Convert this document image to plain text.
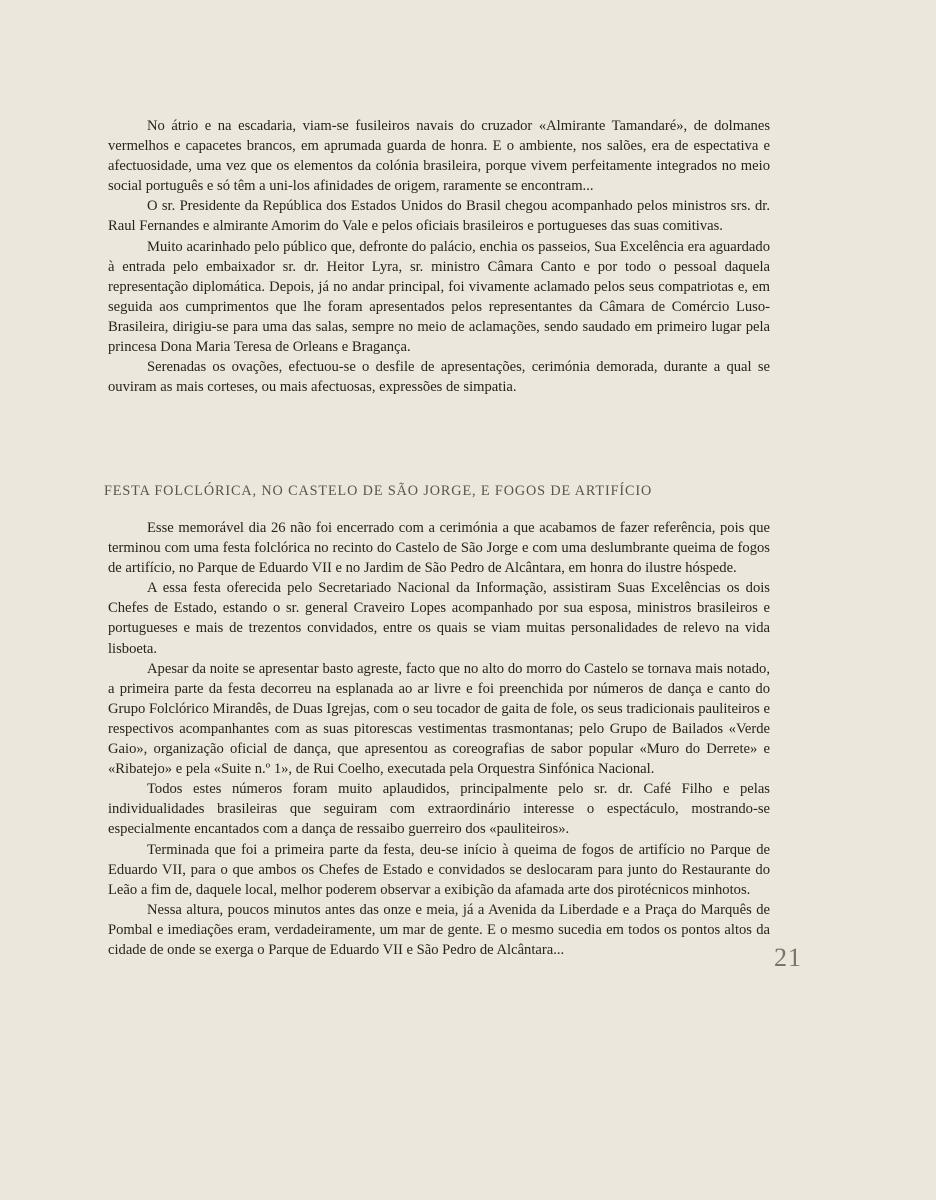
No átrio e na escadaria, viam-se fusileiros navais do cruzador «Almirante Tamandaré», de dolmanes vermelhos e capacetes brancos, em aprumada guarda de honra. E o ambiente, nos salões, era de espectativa e afectuosidade, uma vez que os elementos da colónia brasileira, porque vivem perfeitamente integrados no meio social português e só têm a uni-los afinidades de origem, raramente se encontram...

O sr. Presidente da República dos Estados Unidos do Brasil chegou acompanhado pelos ministros srs. dr. Raul Fernandes e almirante Amorim do Vale e pelos oficiais brasileiros e portugueses das suas comitivas.

Muito acarinhado pelo público que, defronte do palácio, enchia os passeios, Sua Excelência era aguardado à entrada pelo embaixador sr. dr. Heitor Lyra, sr. ministro Câmara Canto e por todo o pessoal daquela representação diplomática. Depois, já no andar principal, foi vivamente aclamado pelos seus compatriotas e, em seguida aos cumprimentos que lhe foram apresentados pelos representantes da Câmara de Comércio Luso-Brasileira, dirigiu-se para uma das salas, sempre no meio de aclamações, sendo saudado em primeiro lugar pela princesa Dona Maria Teresa de Orleans e Bragança.

Serenadas os ovações, efectuou-se o desfile de apresentações, cerimónia demorada, durante a qual se ouviram as mais corteses, ou mais afectuosas, expressões de simpatia.

FESTA FOLCLÓRICA, NO CASTELO DE SÃO JORGE, E FOGOS DE ARTIFÍCIO

Esse memorável dia 26 não foi encerrado com a cerimónia a que acabamos de fazer referência, pois que terminou com uma festa folclórica no recinto do Castelo de São Jorge e com uma deslumbrante queima de fogos de artifício, no Parque de Eduardo VII e no Jardim de São Pedro de Alcântara, em honra do ilustre hóspede.

A essa festa oferecida pelo Secretariado Nacional da Informação, assistiram Suas Excelências os dois Chefes de Estado, estando o sr. general Craveiro Lopes acompanhado por sua esposa, ministros brasileiros e portugueses e mais de trezentos convidados, entre os quais se viam muitas personalidades de relevo na vida lisboeta.

Apesar da noite se apresentar basto agreste, facto que no alto do morro do Castelo se tornava mais notado, a primeira parte da festa decorreu na esplanada ao ar livre e foi preenchida por números de dança e canto do Grupo Folclórico Mirandês, de Duas Igrejas, com o seu tocador de gaita de fole, os seus tradicionais pauliteiros e respectivos acompanhantes com as suas pitorescas vestimentas trasmontanas; pelo Grupo de Bailados «Verde Gaio», organização oficial de dança, que apresentou as coreografias de sabor popular «Muro do Derrete» e «Ribatejo» e pela «Suite n.º 1», de Rui Coelho, executada pela Orquestra Sinfónica Nacional.

Todos estes números foram muito aplaudidos, principalmente pelo sr. dr. Café Filho e pelas individualidades brasileiras que seguiram com extraordinário interesse o espectáculo, mostrando-se especialmente encantados com a dança de ressaibo guerreiro dos «pauliteiros».

Terminada que foi a primeira parte da festa, deu-se início à queima de fogos de artifício no Parque de Eduardo VII, para o que ambos os Chefes de Estado e convidados se deslocaram para junto do Restaurante do Leão a fim de, daquele local, melhor poderem observar a exibição da afamada arte dos pirotécnicos minhotos.

Nessa altura, poucos minutos antes das onze e meia, já a Avenida da Liberdade e a Praça do Marquês de Pombal e imediações eram, verdadeiramente, um mar de gente. E o mesmo sucedia em todos os pontos altos da cidade de onde se exerga o Parque de Eduardo VII e São Pedro de Alcântara...	21
